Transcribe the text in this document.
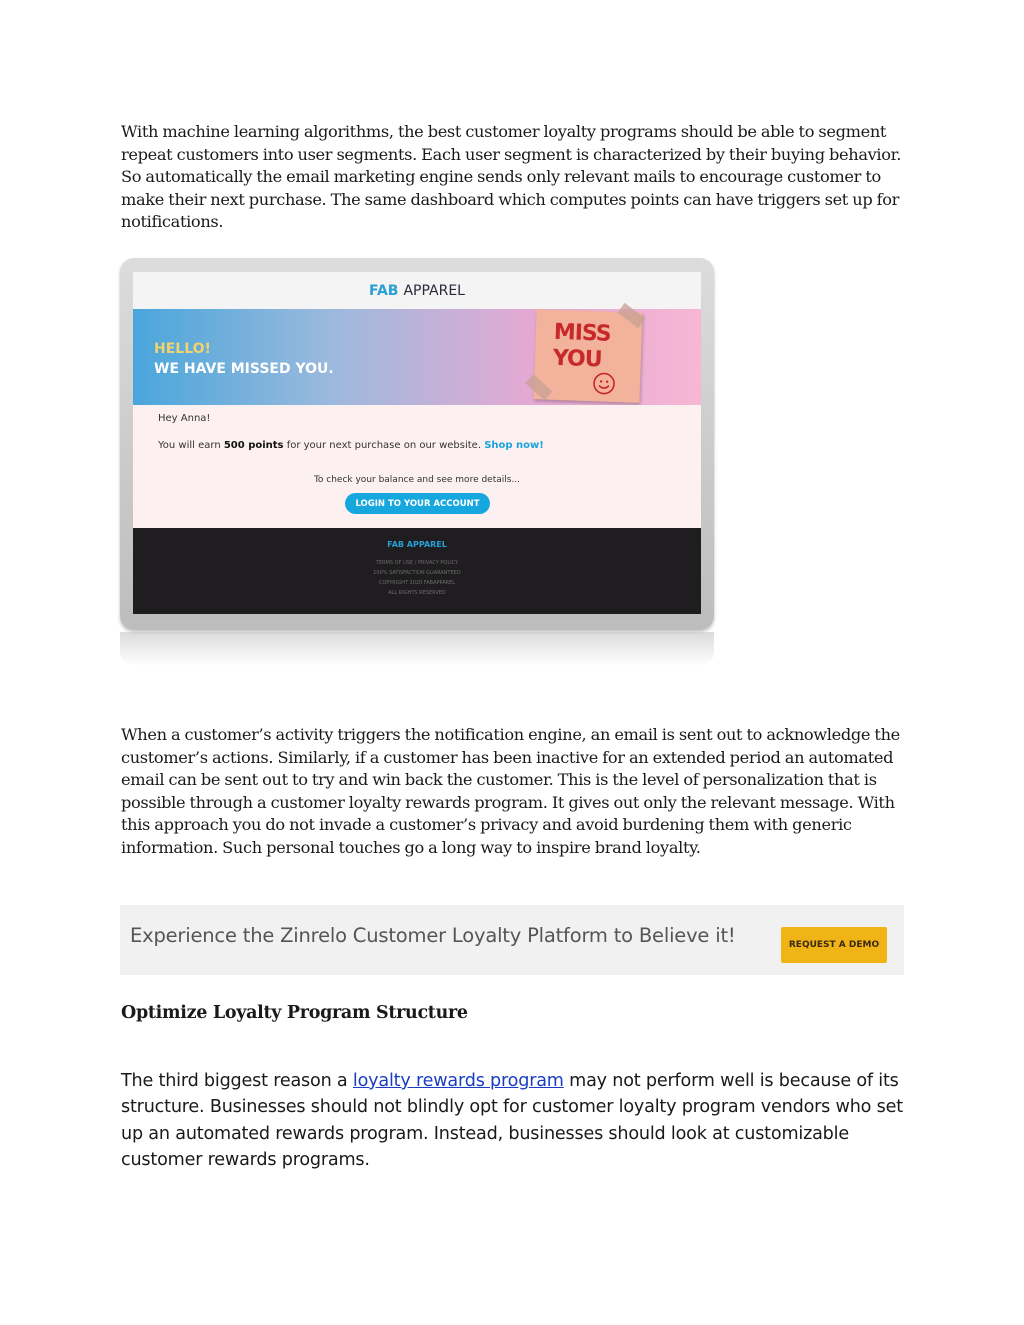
With machine learning algorithms, the best customer loyalty programs should be able to segment repeat customers into user segments. Each user segment is characterized by their buying behavior. So automatically the email marketing engine sends only relevant mails to encourage customer to make their next purchase. The same dashboard which computes points can have triggers set up for notifications.

FAB APPAREL
HELLO!
WE HAVE MISSED YOU.
MISS
YOU
Hey Anna!
You will earn 500 points for your next purchase on our website. Shop now!
To check your balance and see more details...
LOGIN TO YOUR ACCOUNT
FAB APPAREL
TERMS OF USE / PRIVACY POLICY
100% SATISFACTION GUARANTEED
COPYRIGHT 2020 FABAPPAREL
ALL RIGHTS RESERVED

When a customer’s activity triggers the notification engine, an email is sent out to acknowledge the customer’s actions. Similarly, if a customer has been inactive for an extended period an automated email can be sent out to try and win back the customer. This is the level of personalization that is possible through a customer loyalty rewards program. It gives out only the relevant message. With this approach you do not invade a customer’s privacy and avoid burdening them with generic information. Such personal touches go a long way to inspire brand loyalty.

Experience the Zinrelo Customer Loyalty Platform to Believe it!	REQUEST A DEMO
Optimize Loyalty Program Structure

The third biggest reason a loyalty rewards program may not perform well is because of its structure. Businesses should not blindly opt for customer loyalty program vendors who set up an automated rewards program. Instead, businesses should look at customizable customer rewards programs.
